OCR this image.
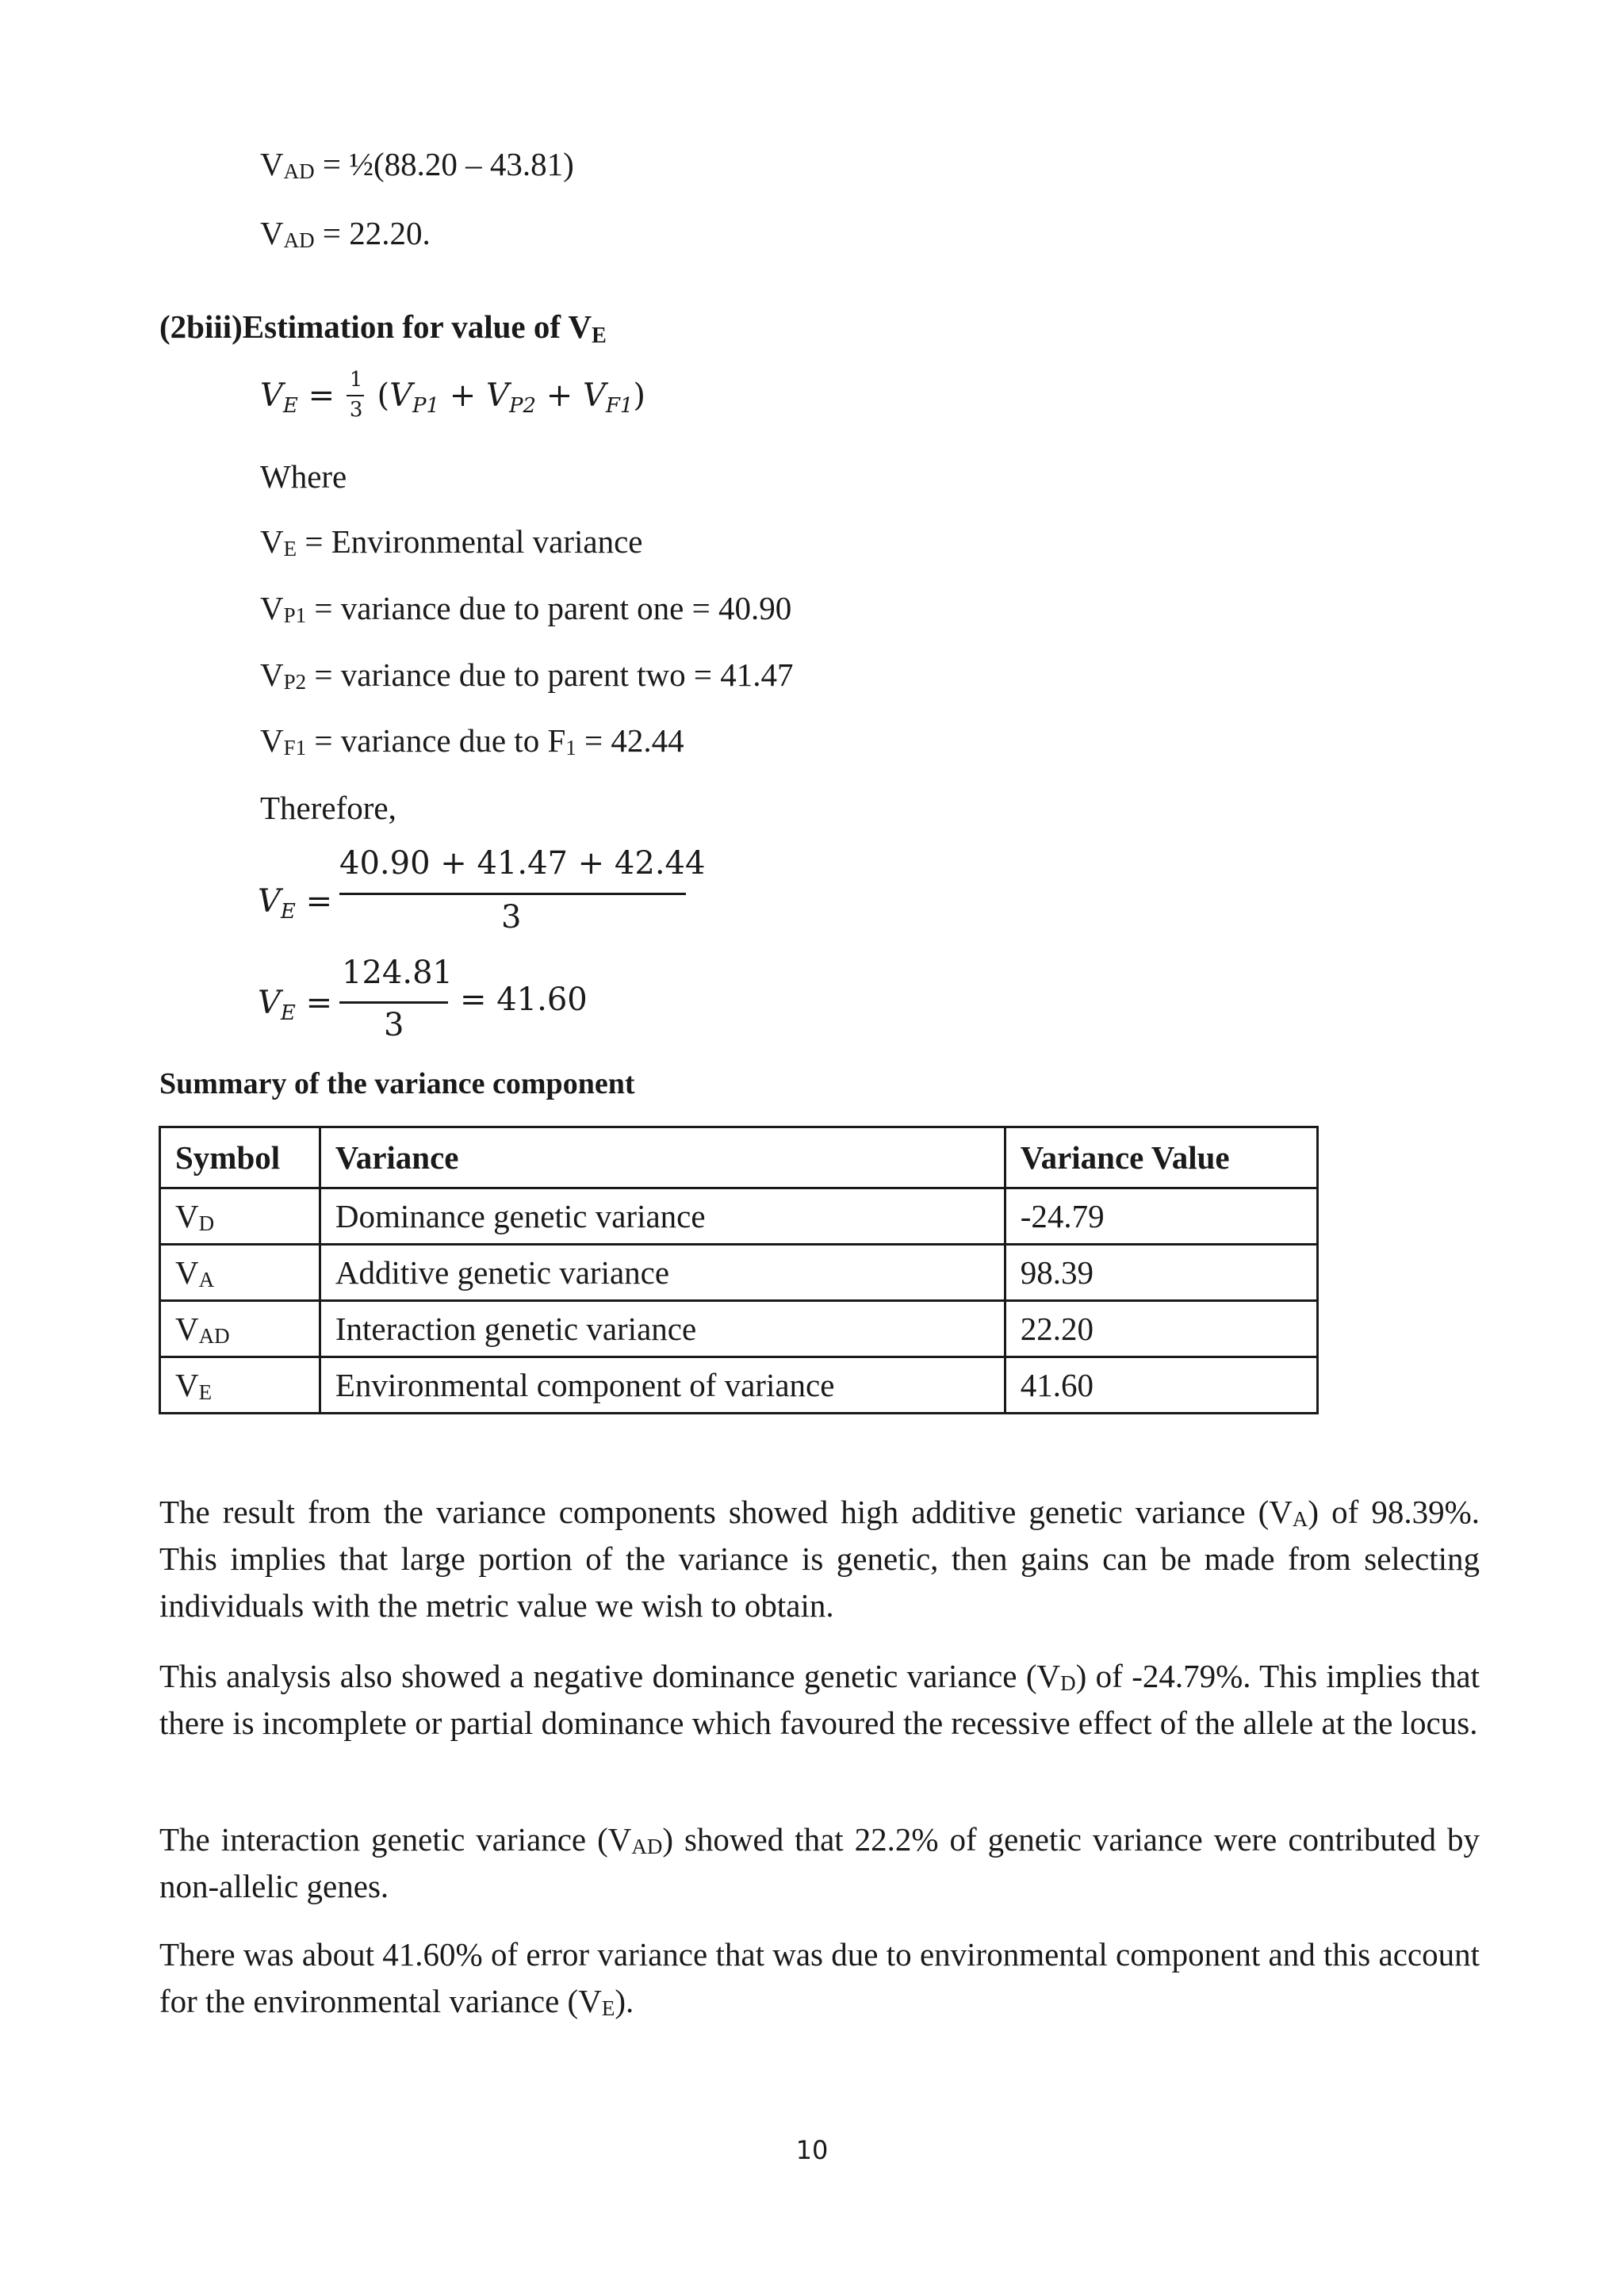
$V_{AD}$ = ½(88.20 – 43.81)
$V_{AD} = 22.20$.
(2biii)Estimation for value of $V_E$
$V_E = \frac{1}{3} (V_{P1} + V_{P2} + V_{F1})$
Where
$V_E$ = Environmental variance
$V_{P1}$ = variance due to parent one = 40.90
$V_{P2}$ = variance due to parent two = 41.47
$V_{F1}$ = variance due to $F_1 = 42.44$
Therefore,
$V_E$ =
40.90 + 41.47 + 42.44
3
$V_E$ =
124.81
3
= 41.60
Summary of the variance component
Symbol	Variance	Variance Value
$V_D$	Dominance genetic variance	-24.79
$V_A$	Additive genetic variance	98.39
$V_{AD}$	Interaction genetic variance	22.20
$V_E$	Environmental component of variance	41.60
The result from the variance components showed high additive genetic variance $(V_A)$ of 98.39%. This implies that large portion of the variance is genetic, then gains can be made from selecting individuals with the metric value we wish to obtain.
This analysis also showed a negative dominance genetic variance $(V_D)$ of -24.79%. This implies that there is incomplete or partial dominance which favoured the recessive effect of the allele at the locus.
The interaction genetic variance $(V_{AD})$ showed that 22.2% of genetic variance were contributed by non-allelic genes.
There was about 41.60% of error variance that was due to environmental component and this account for the environmental variance $(V_E)$.
10
